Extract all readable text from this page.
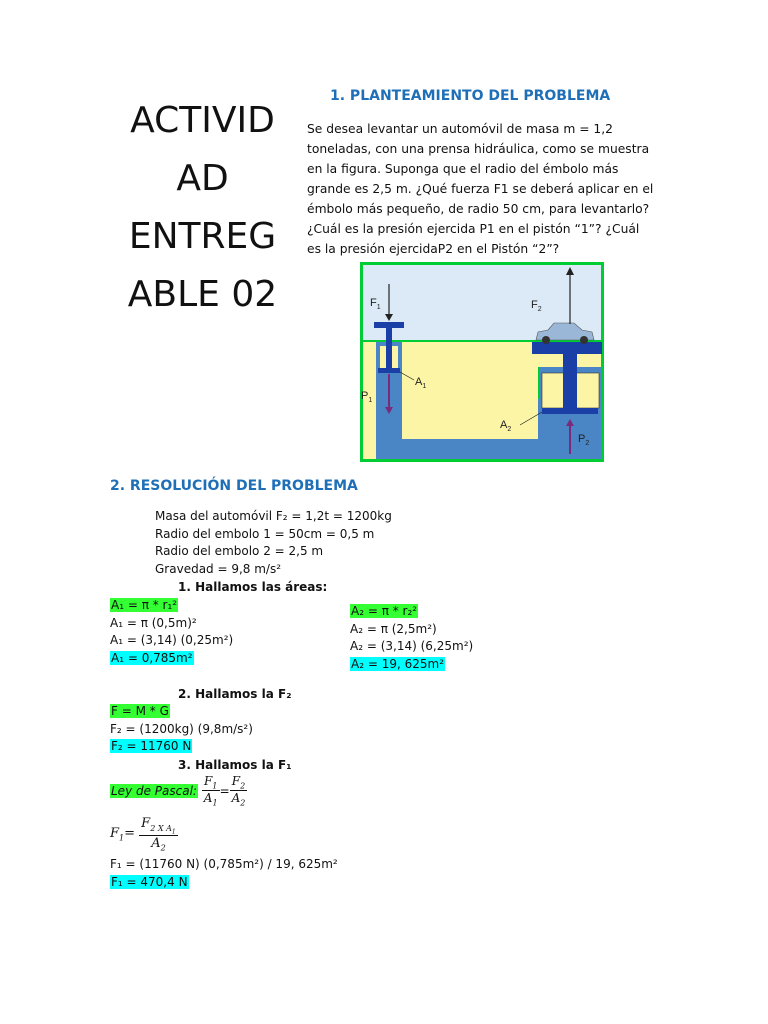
ACTIVID
AD
ENTREG
ABLE 02
1. PLANTEAMIENTO DEL PROBLEMA
Se desea levantar un automóvil de masa m = 1,2
toneladas, con una prensa hidráulica, como se muestra
en la figura. Suponga que el radio del émbolo más
grande es 2,5 m. ¿Qué fuerza F1 se deberá aplicar en el
émbolo más pequeño, de radio 50 cm, para levantarlo?
¿Cuál es la presión ejercida P1 en el pistón “1”? ¿Cuál
es la presión ejercidaP2 en el Pistón “2”?
$F_1$	$F_2$
$A_1$
$A_2$
$P_1$
$P_2$
2. RESOLUCIÓN DEL PROBLEMA
Masa del automóvil F₂ = 1,2t = 1200kg
Radio del embolo 1 = 50cm = 0,5 m
Radio del embolo 2 = 2,5 m
Gravedad = 9,8 m/s²
1. Hallamos las áreas:
A₁ = π * r₁²
A₁ = π (0,5m)²
A₁ = (3,14) (0,25m²)
A₁ = 0,785m²
A₂ = π * r₂²
A₂ = π (2,5m²)
A₂ = (3,14) (6,25m²)
A₂ = 19, 625m²
2. Hallamos la F₂
F = M * G
F₂ = (1200kg) (9,8m/s²)
F₂ = 11760 N
3. Hallamos la F₁
Ley de Pascal: $\frac{F_1}{A_1} = \frac{F_2}{A_2}$
$F_1= \frac{F_{2 X A_1}}{A_2}$
F₁ = (11760 N) (0,785m²) / 19, 625m²
F₁ = 470,4 N
